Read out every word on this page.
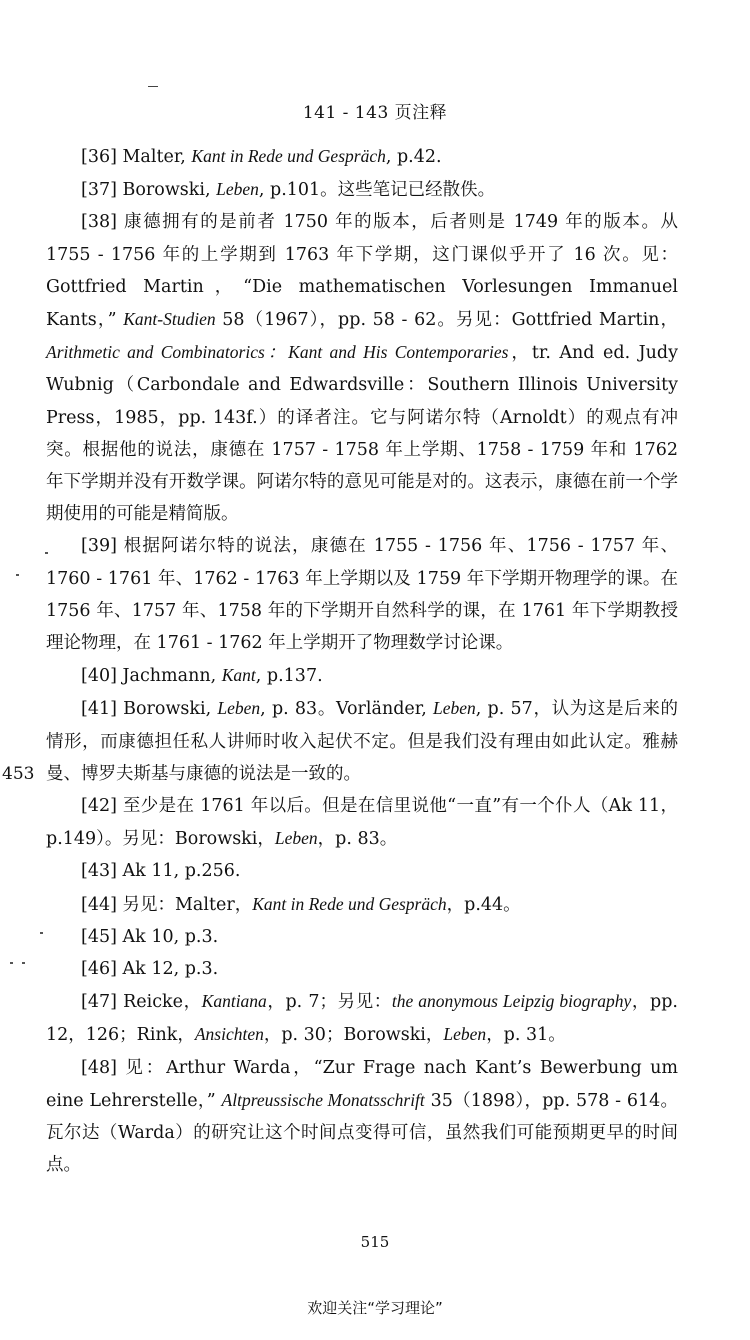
141 - 143 页注释

[36] Malter, Kant in Rede und Gespräch, p.42.

[37] Borowski, Leben, p.101。这些笔记已经散佚。

[38] 康德拥有的是前者 1750 年的版本，后者则是 1749 年的版本。从 1755 - 1756 年的上学期到 1763 年下学期，这门课似乎开了 16 次。见：Gottfried Martin，“Die mathematischen Vorlesungen Immanuel Kants，” Kant-Studien 58（1967），pp. 58 - 62。另见：Gottfried Martin，Arithmetic and Combinatorics：Kant and His Contemporaries，tr. And ed. Judy Wubnig（Carbondale and Edwardsville：Southern Illinois University Press，1985，pp. 143f.）的译者注。它与阿诺尔特（Arnoldt）的观点有冲突。根据他的说法，康德在 1757 - 1758 年上学期、1758 - 1759 年和 1762 年下学期并没有开数学课。阿诺尔特的意见可能是对的。这表示，康德在前一个学期使用的可能是精简版。

[39] 根据阿诺尔特的说法，康德在 1755 - 1756 年、1756 - 1757 年、1760 - 1761 年、1762 - 1763 年上学期以及 1759 年下学期开物理学的课。在 1756 年、1757 年、1758 年的下学期开自然科学的课，在 1761 年下学期教授理论物理，在 1761 - 1762 年上学期开了物理数学讨论课。

[40] Jachmann, Kant, p.137.

[41] Borowski, Leben, p. 83。Vorländer, Leben, p. 57，认为这是后来的情形，而康德担任私人讲师时收入起伏不定。但是我们没有理由如此认定。雅赫曼、博罗夫斯基与康德的说法是一致的。

[42] 至少是在 1761 年以后。但是在信里说他“一直”有一个仆人（Ak 11，p.149）。另见：Borowski，Leben，p. 83。

[43] Ak 11, p.256.

[44] 另见：Malter，Kant in Rede und Gespräch，p.44。

[45] Ak 10, p.3.

[46] Ak 12, p.3.

[47] Reicke，Kantiana，p. 7；另见：the anonymous Leipzig biography，pp. 12，126；Rink，Ansichten，p. 30；Borowski，Leben，p. 31。

[48] 见：Arthur Warda，“Zur Frage nach Kant’s Bewerbung um eine Lehrerstelle，” Altpreussische Monatsschrift 35（1898），pp. 578 - 614。瓦尔达（Warda）的研究让这个时间点变得可信，虽然我们可能预期更早的时间点。

453
515
欢迎关注“学习理论”
